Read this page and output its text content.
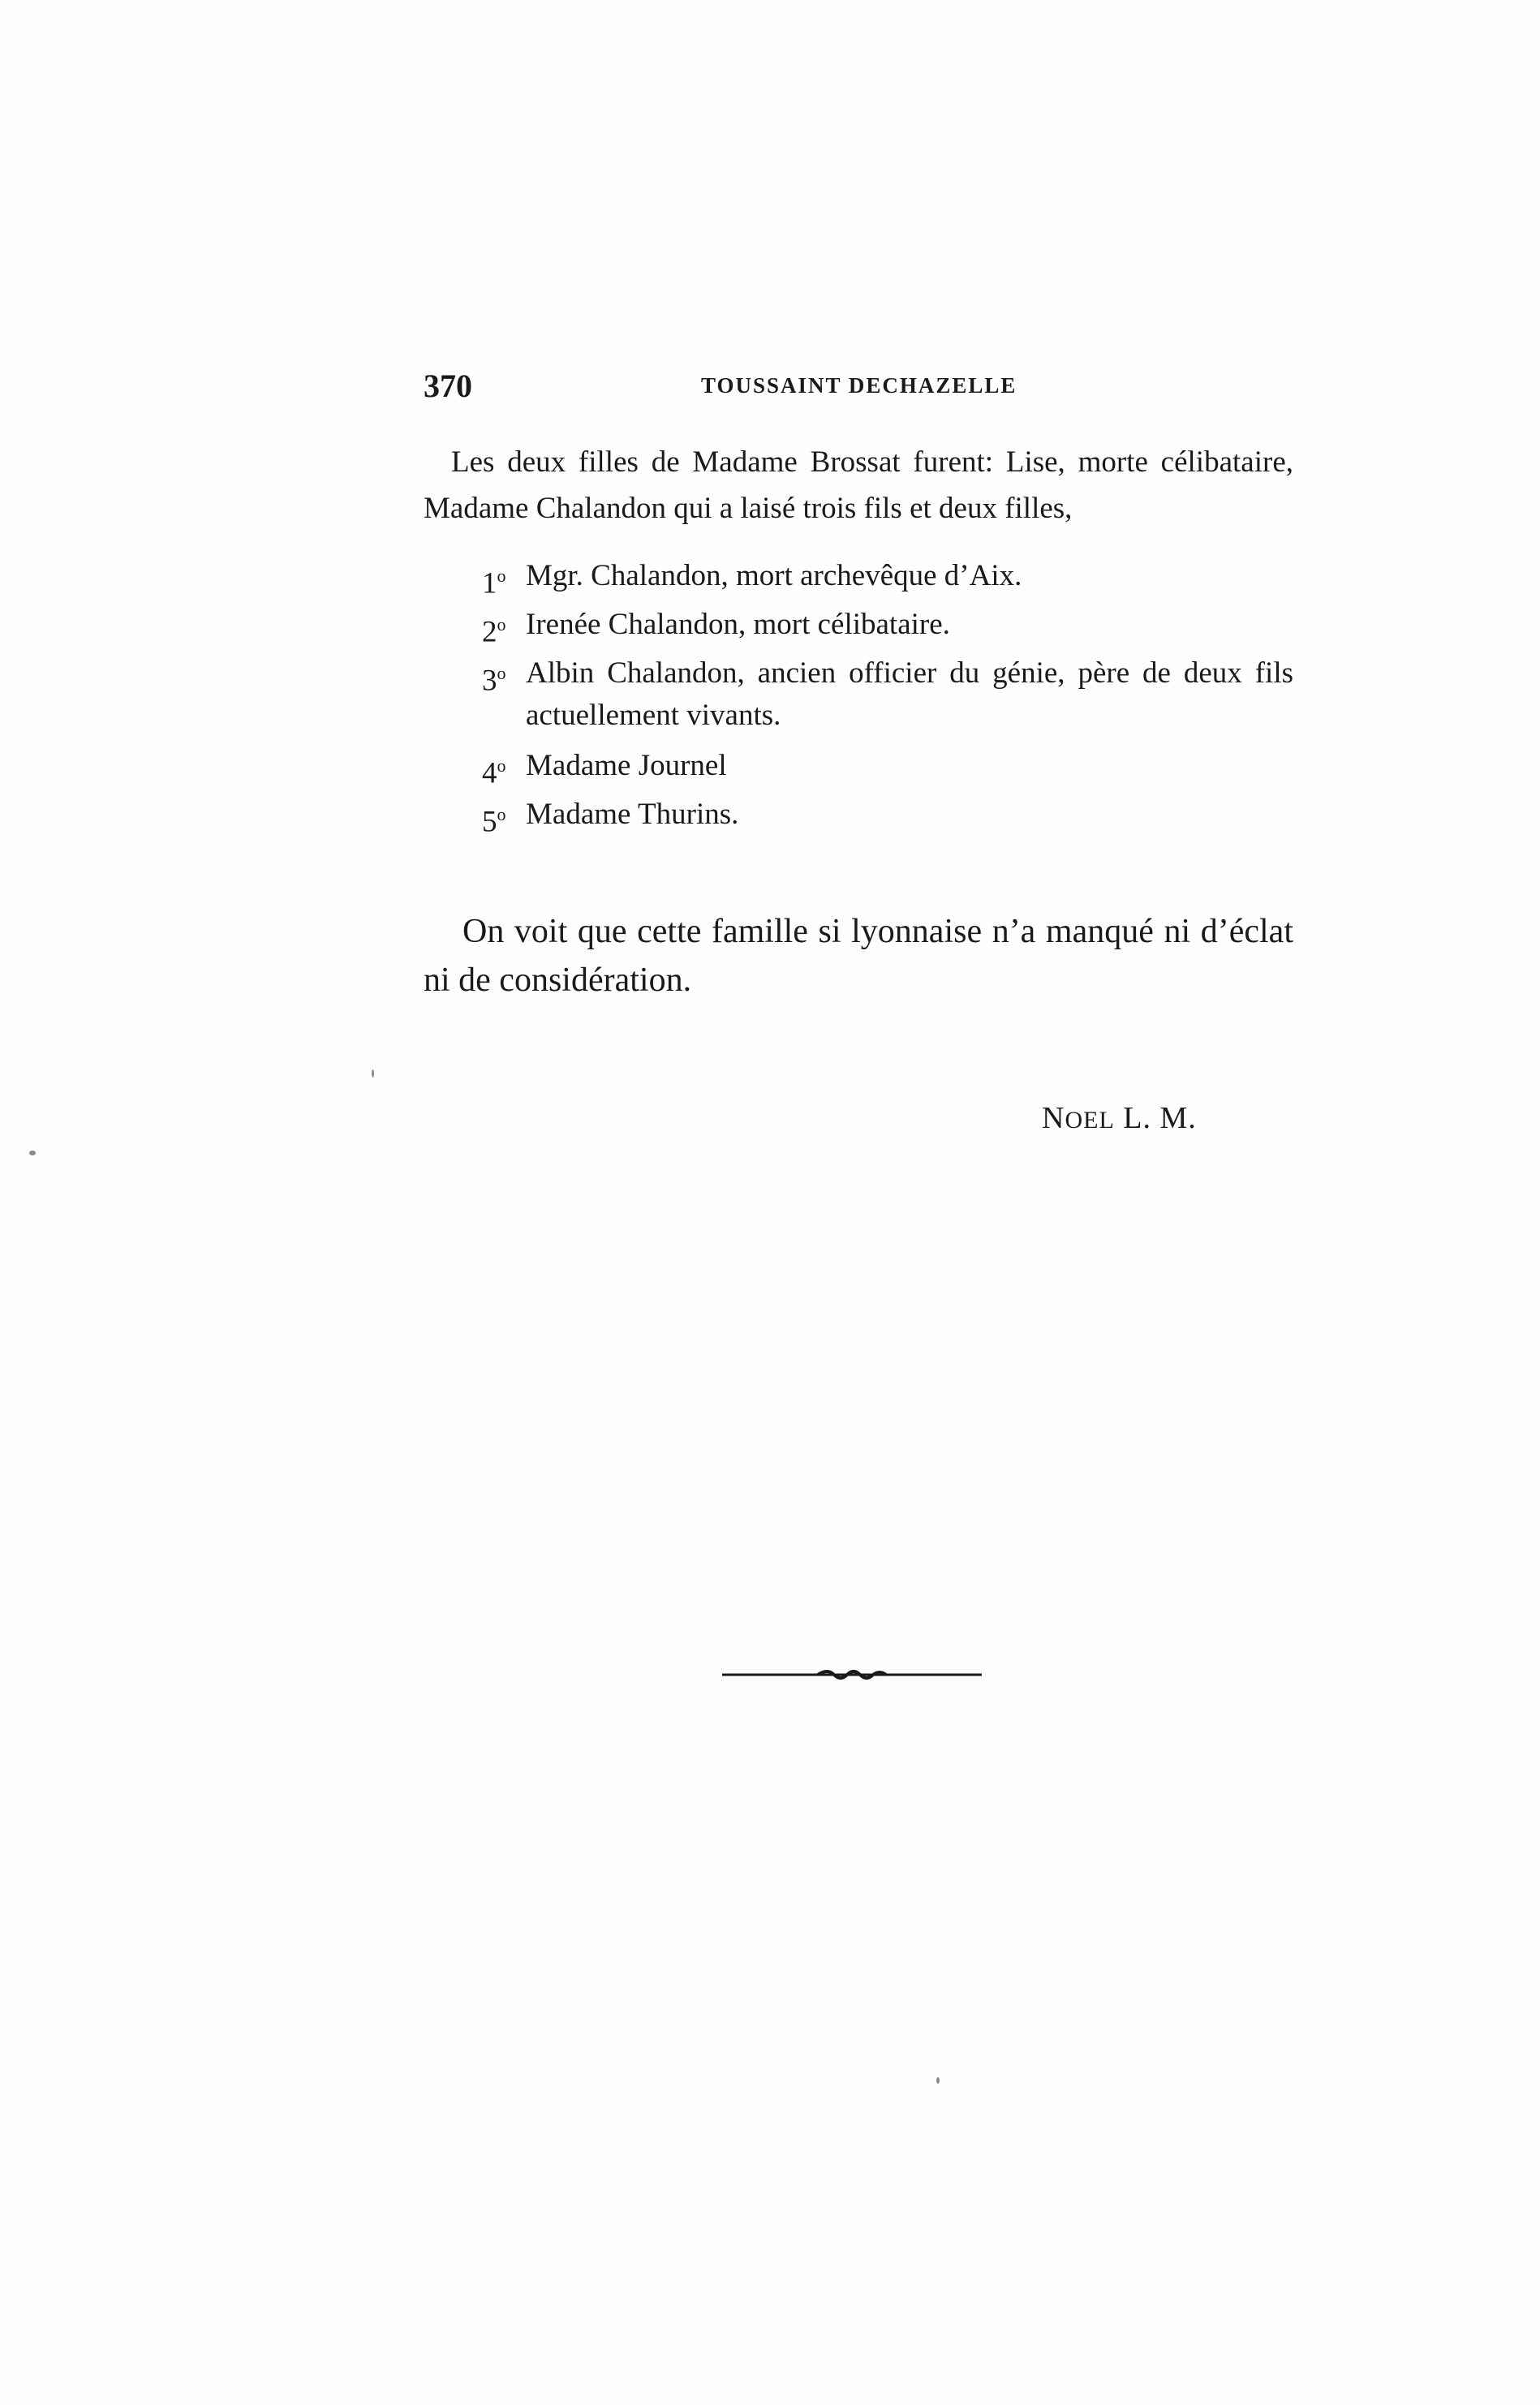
370	TOUSSAINT DECHAZELLE

Les deux filles de Madame Brossat furent: Lise, morte célibataire, Madame Chalandon qui a laisé trois fils et deux filles,

1$^o$ Mgr. Chalandon, mort archevêque d’Aix.
2$^o$ Irenée Chalandon, mort célibataire.
3$^o$ Albin Chalandon, ancien officier du génie, père de deux fils actuellement vivants.
4$^o$ Madame Journel
5$^o$ Madame Thurins.

On voit que cette famille si lyonnaise n’a manqué ni d’éclat ni de considération.

NOEL L. M.
